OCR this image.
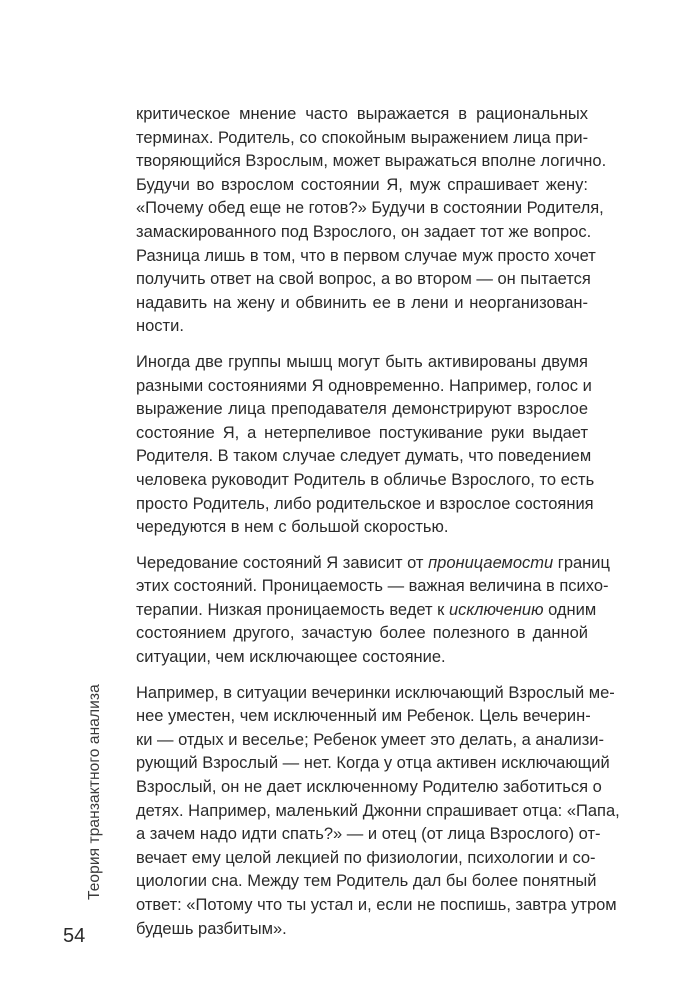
критическое мнение часто выражается в рациональных
терминах. Родитель, со спокойным выражением лица при-
творяющийся Взрослым, может выражаться вполне логично.
Будучи во взрослом состоянии Я, муж спрашивает жену:
«Почему обед еще не готов?» Будучи в состоянии Родителя,
замаскированного под Взрослого, он задает тот же вопрос.
Разница лишь в том, что в первом случае муж просто хочет
получить ответ на свой вопрос, а во втором — он пытается
надавить на жену и обвинить ее в лени и неорганизован-
ности.
Иногда две группы мышц могут быть активированы двумя
разными состояниями Я одновременно. Например, голос и
выражение лица преподавателя демонстрируют взрослое
состояние Я, а нетерпеливое постукивание руки выдает
Родителя. В таком случае следует думать, что поведением
человека руководит Родитель в обличье Взрослого, то есть
просто Родитель, либо родительское и взрослое состояния
чередуются в нем с большой скоростью.
Чередование состояний Я зависит от проницаемости границ
этих состояний. Проницаемость — важная величина в психо-
терапии. Низкая проницаемость ведет к исключению одним
состоянием другого, зачастую более полезного в данной
ситуации, чем исключающее состояние.
Например, в ситуации вечеринки исключающий Взрослый ме-
нее уместен, чем исключенный им Ребенок. Цель вечерин-
ки — отдых и веселье; Ребенок умеет это делать, а анализи-
рующий Взрослый — нет. Когда у отца активен исключающий
Взрослый, он не дает исключенному Родителю заботиться о
детях. Например, маленький Джонни спрашивает отца: «Папа,
а зачем надо идти спать?» — и отец (от лица Взрослого) от-
вечает ему целой лекцией по физиологии, психологии и со-
циологии сна. Между тем Родитель дал бы более понятный
ответ: «Потому что ты устал и, если не поспишь, завтра утром
будешь разбитым».
Теория транзактного анализа
54
